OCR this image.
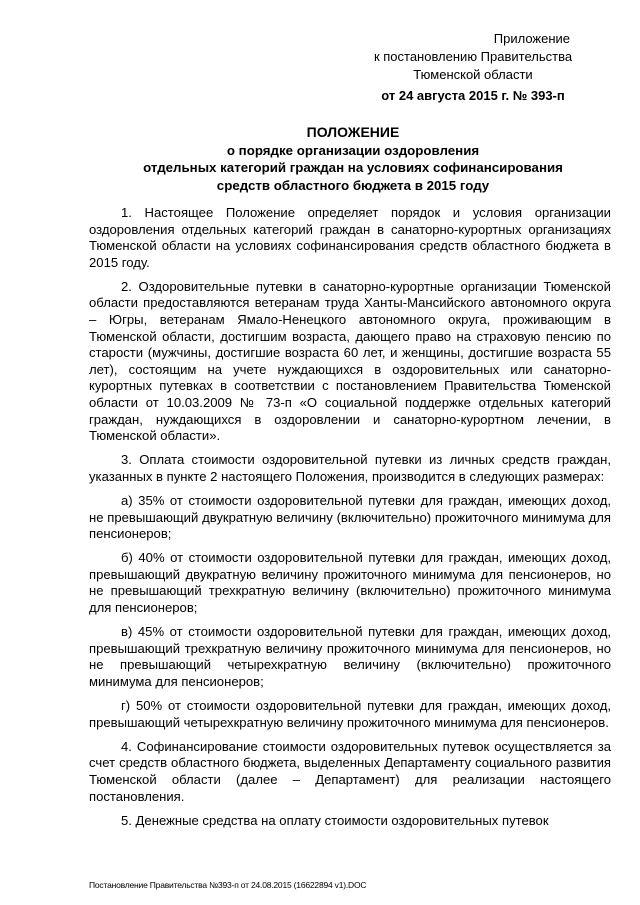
Приложение
к постановлению Правительства
Тюменской области
от 24 августа 2015 г. № 393-п
ПОЛОЖЕНИЕ
о порядке организации оздоровления
отдельных категорий граждан на условиях софинансирования
средств областного бюджета в 2015 году

1. Настоящее Положение определяет порядок и условия организации оздоровления отдельных категорий граждан в санаторно-курортных организациях Тюменской области на условиях софинансирования средств областного бюджета в 2015 году.

2. Оздоровительные путевки в санаторно-курортные организации Тюменской области предоставляются ветеранам труда Ханты-Мансийского автономного округа – Югры, ветеранам Ямало-Ненецкого автономного округа, проживающим в Тюменской области, достигшим возраста, дающего право на страховую пенсию по старости (мужчины, достигшие возраста 60 лет, и женщины, достигшие возраста 55 лет), состоящим на учете нуждающихся в оздоровительных или санаторно-курортных путевках в соответствии с постановлением Правительства Тюменской области от 10.03.2009 № 73-п «О социальной поддержке отдельных категорий граждан, нуждающихся в оздоровлении и санаторно-курортном лечении, в Тюменской области».

3. Оплата стоимости оздоровительной путевки из личных средств граждан, указанных в пункте 2 настоящего Положения, производится в следующих размерах:

а) 35% от стоимости оздоровительной путевки для граждан, имеющих доход, не превышающий двукратную величину (включительно) прожиточного минимума для пенсионеров;

б) 40% от стоимости оздоровительной путевки для граждан, имеющих доход, превышающий двукратную величину прожиточного минимума для пенсионеров, но не превышающий трехкратную величину (включительно) прожиточного минимума для пенсионеров;

в) 45% от стоимости оздоровительной путевки для граждан, имеющих доход, превышающий трехкратную величину прожиточного минимума для пенсионеров, но не превышающий четырехкратную величину (включительно) прожиточного минимума для пенсионеров;

г) 50% от стоимости оздоровительной путевки для граждан, имеющих доход, превышающий четырехкратную величину прожиточного минимума для пенсионеров.

4. Софинансирование стоимости оздоровительных путевок осуществляется за счет средств областного бюджета, выделенных Департаменту социального развития Тюменской области (далее – Департамент) для реализации настоящего постановления.

5. Денежные средства на оплату стоимости оздоровительных путевок

Постановление Правительства №393-п от 24.08.2015 (16622894 v1).DOC
